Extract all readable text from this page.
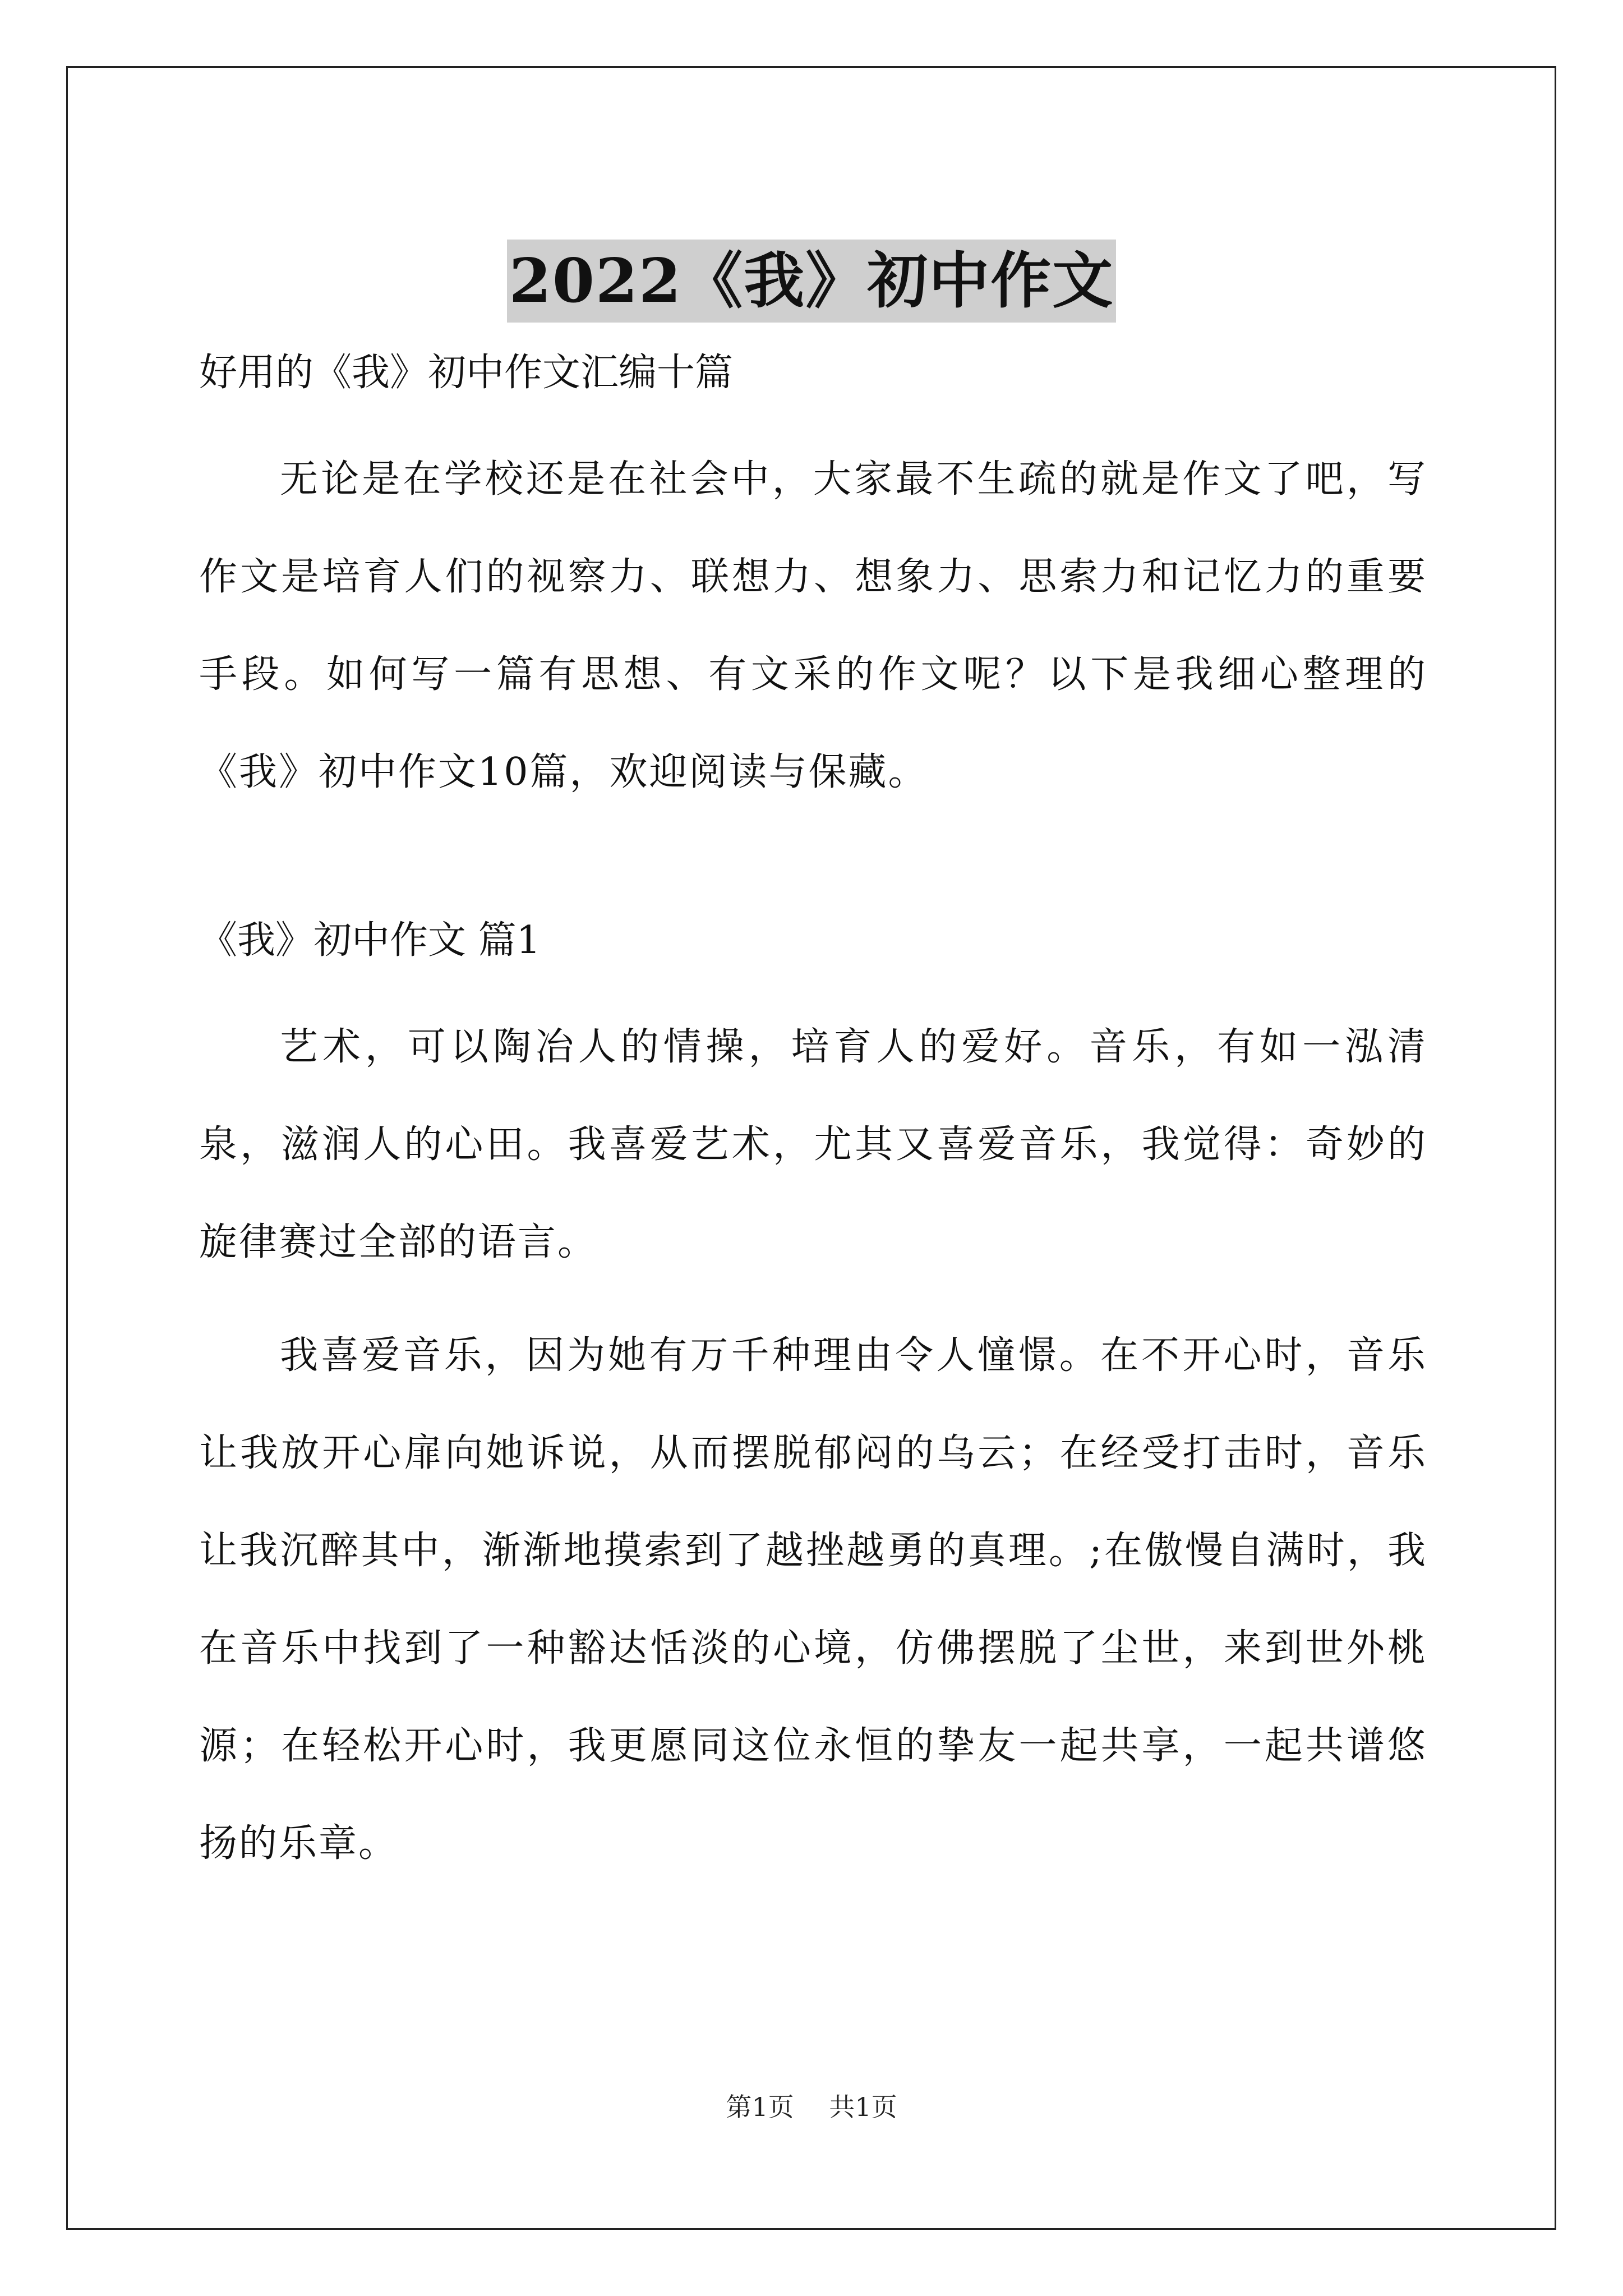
2022《我》初中作文

好用的《我》初中作文汇编十篇

无论是在学校还是在社会中，大家最不生疏的就是作文了吧，写作文是培育人们的视察力、联想力、想象力、思索力和记忆力的重要手段。如何写一篇有思想、有文采的作文呢？以下是我细心整理的《我》初中作文10篇，欢迎阅读与保藏。

《我》初中作文 篇1

艺术，可以陶冶人的情操，培育人的爱好。音乐，有如一泓清泉，滋润人的心田。我喜爱艺术，尤其又喜爱音乐，我觉得：奇妙的旋律赛过全部的语言。

我喜爱音乐，因为她有万千种理由令人憧憬。在不开心时，音乐让我放开心扉向她诉说，从而摆脱郁闷的乌云；在经受打击时，音乐让我沉醉其中，渐渐地摸索到了越挫越勇的真理。;在傲慢自满时，我在音乐中找到了一种豁达恬淡的心境，仿佛摆脱了尘世，来到世外桃源；在轻松开心时，我更愿同这位永恒的挚友一起共享，一起共谱悠扬的乐章。

第1页 共1页
